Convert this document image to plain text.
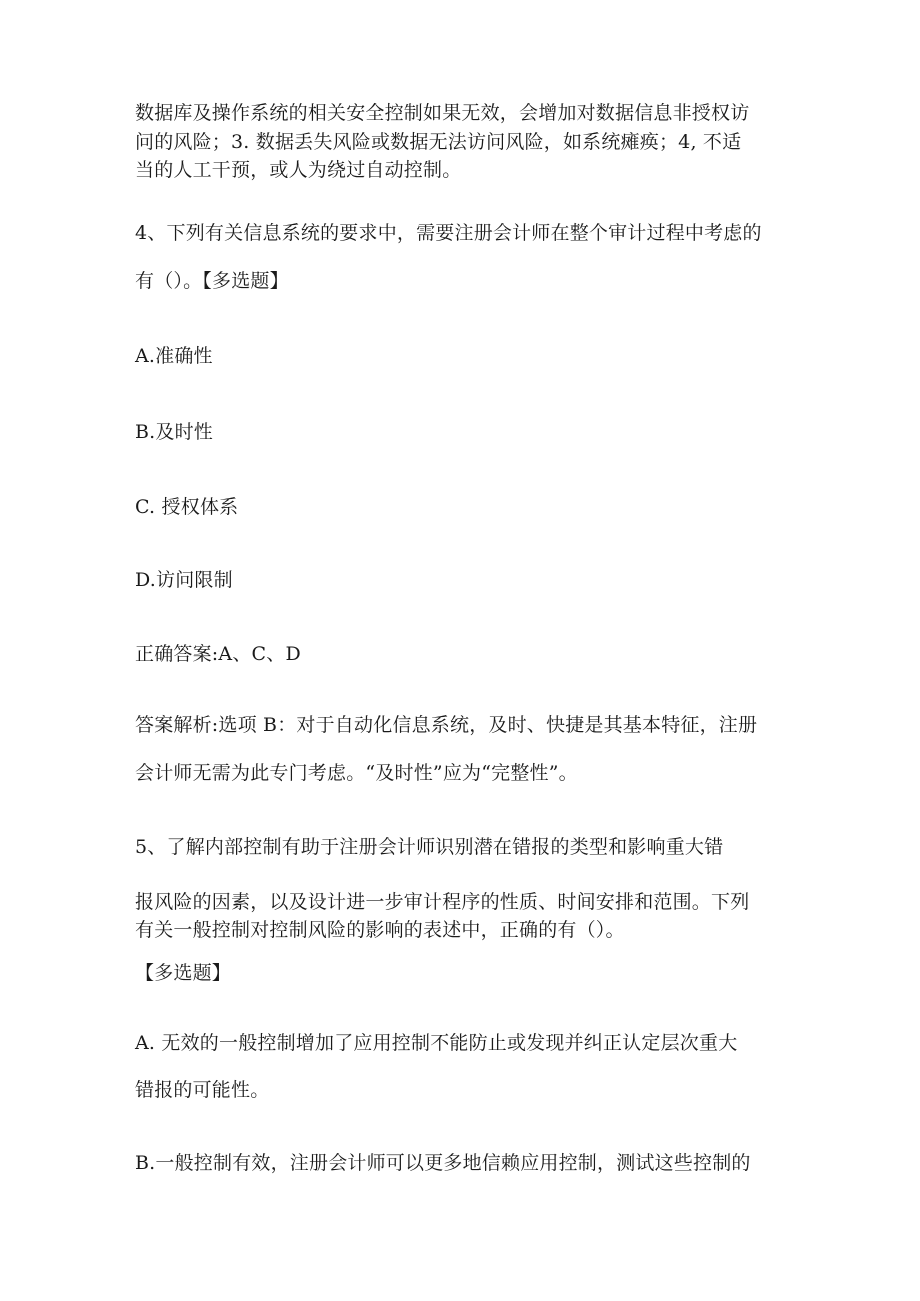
数据库及操作系统的相关安全控制如果无效，会增加对数据信息非授权访
问的风险；3. 数据丢失风险或数据无法访问风险，如系统瘫痪；4, 不适
当的人工干预，或人为绕过自动控制。
4、下列有关信息系统的要求中，需要注册会计师在整个审计过程中考虑的
有（）。【多选题】
A.准确性
B.及时性
C. 授权体系
D.访问限制
正确答案:A、C、D
答案解析:选项 B：对于自动化信息系统，及时、快捷是其基本特征，注册
会计师无需为此专门考虑。“及时性”应为“完整性”。
5、了解内部控制有助于注册会计师识别潜在错报的类型和影响重大错
报风险的因素，以及设计进一步审计程序的性质、时间安排和范围。下列
有关一般控制对控制风险的影响的表述中，正确的有（）。
【多选题】
A. 无效的一般控制增加了应用控制不能防止或发现并纠正认定层次重大
错报的可能性。
B.一般控制有效，注册会计师可以更多地信赖应用控制，测试这些控制的
